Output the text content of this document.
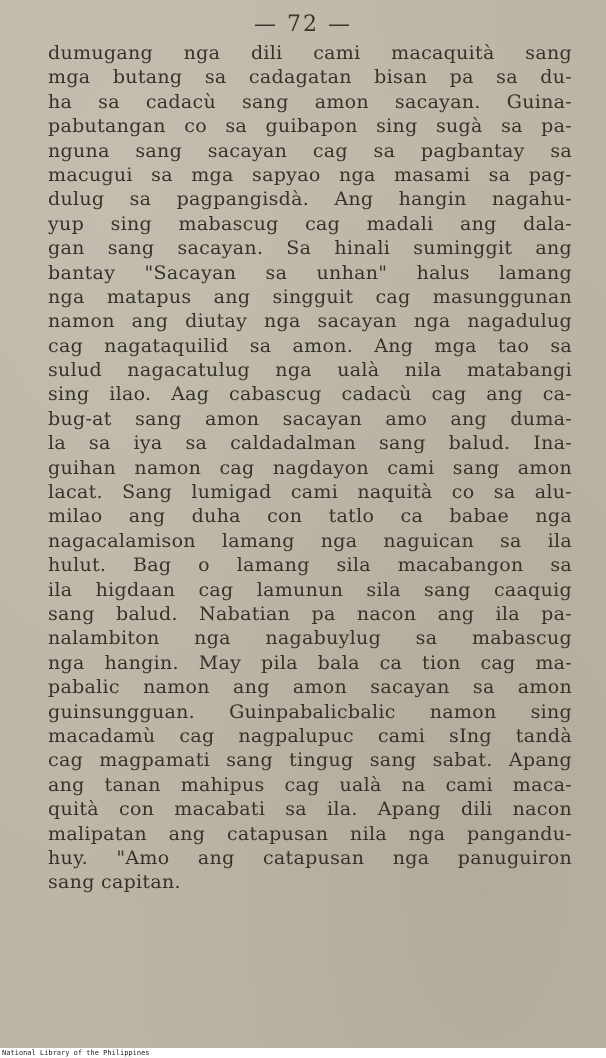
— 72 —
dumugang nga dili cami macaquità sang
mga butang sa cadagatan bisan pa sa du-
ha sa cadacù sang amon sacayan. Guina-
pabutangan co sa guibapon sing sugà sa pa-
nguna sang sacayan cag sa pagbantay sa
macugui sa mga sapyao nga masami sa pag-
dulug sa pagpangisdà. Ang hangin nagahu-
yup sing mabascug cag madali ang dala-
gan sang sacayan. Sa hinali suminggit ang
bantay "Sacayan sa unhan" halus lamang
nga matapus ang singguit cag masunggunan
namon ang diutay nga sacayan nga nagadulug
cag nagataquilid sa amon. Ang mga tao sa
sulud nagacatulug nga ualà nila matabangi
sing ilao. Aag cabascug cadacù cag ang ca-
bug-at sang amon sacayan amo ang duma-
la sa iya sa caldadalman sang balud. Ina-
guihan namon cag nagdayon cami sang amon
lacat. Sang lumigad cami naquità co sa alu-
milao ang duha con tatlo ca babae nga
nagacalamison lamang nga naguican sa ila
hulut. Bag o lamang sila macabangon sa
ila higdaan cag lamunun sila sang caaquig
sang balud. Nabatian pa nacon ang ila pa-
nalambiton nga nagabuylug sa mabascug
nga hangin. May pila bala ca tion cag ma-
pabalic namon ang amon sacayan sa amon
guinsungguan. Guinpabalicbalic namon sing
macadamù cag nagpalupuc cami sIng tandà
cag magpamati sang tingug sang sabat. Apang
ang tanan mahipus cag ualà na cami maca-
quità con macabati sa ila. Apang dili nacon
malipatan ang catapusan nila nga pangandu-
huy. "Amo ang catapusan nga panuguiron
sang capitan.
National Library of the Philippines
